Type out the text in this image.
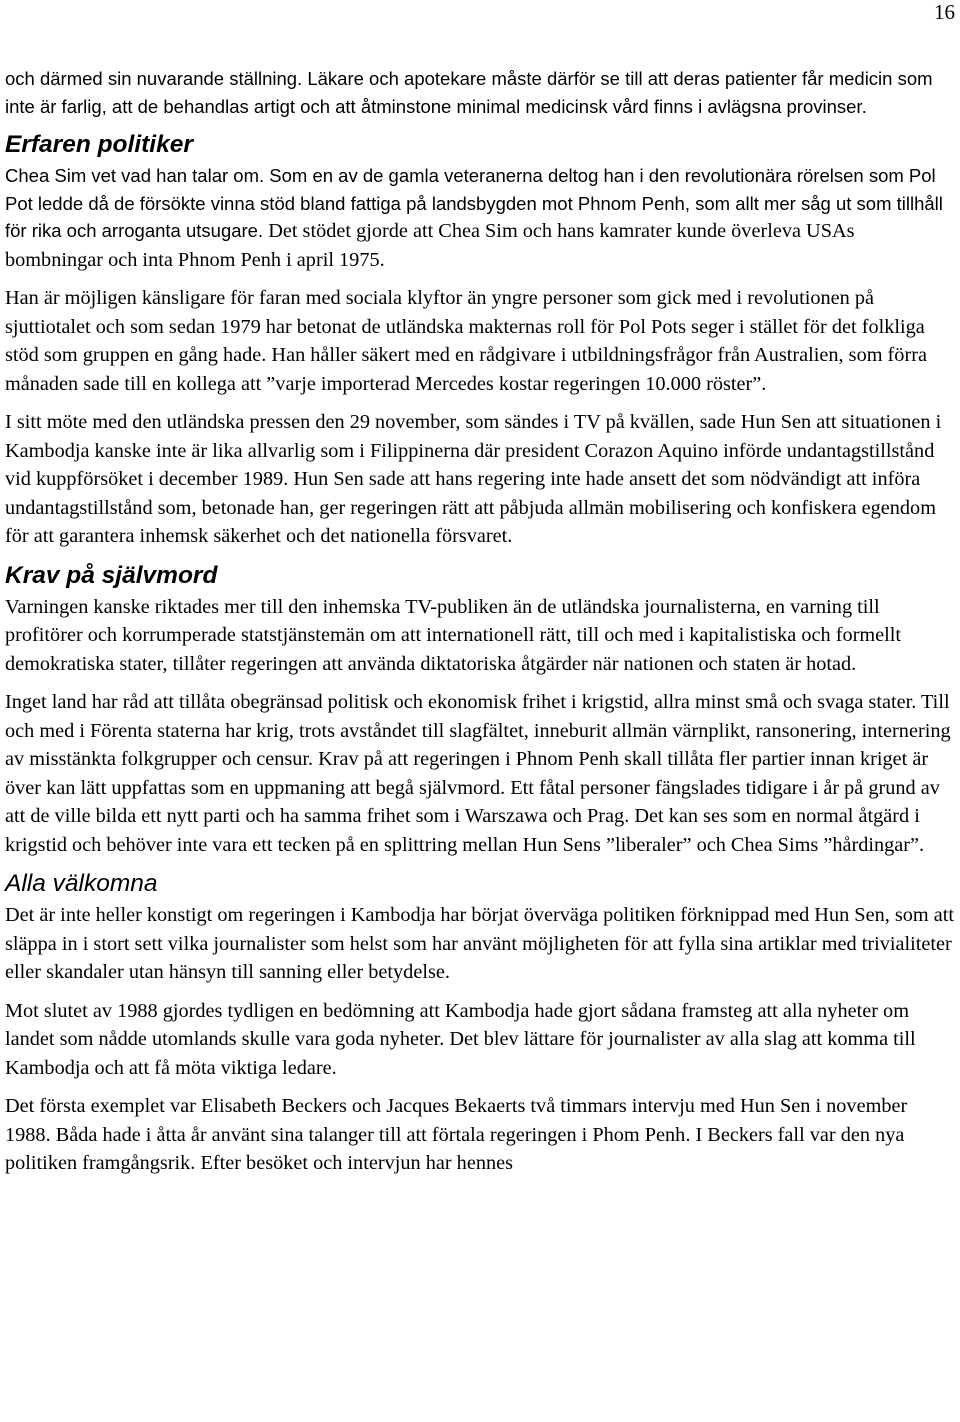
16

och därmed sin nuvarande ställning. Läkare och apotekare måste därför se till att deras patienter får medicin som inte är farlig, att de behandlas artigt och att åtminstone minimal medicinsk vård finns i avlägsna provinser.

Erfaren politiker

Chea Sim vet vad han talar om. Som en av de gamla veteranerna deltog han i den revolutionära rörelsen som Pol Pot ledde då de försökte vinna stöd bland fattiga på landsbygden mot Phnom Penh, som allt mer såg ut som tillhåll för rika och arroganta utsugare. Det stödet gjorde att Chea Sim och hans kamrater kunde överleva USAs bombningar och inta Phnom Penh i april 1975.

Han är möjligen känsligare för faran med sociala klyftor än yngre personer som gick med i revolutionen på sjuttiotalet och som sedan 1979 har betonat de utländska makternas roll för Pol Pots seger i stället för det folkliga stöd som gruppen en gång hade. Han håller säkert med en rådgivare i utbildningsfrågor från Australien, som förra månaden sade till en kollega att ”varje importerad Mercedes kostar regeringen 10.000 röster”.

I sitt möte med den utländska pressen den 29 november, som sändes i TV på kvällen, sade Hun Sen att situationen i Kambodja kanske inte är lika allvarlig som i Filippinerna där president Corazon Aquino införde undantagstillstånd vid kuppförsöket i december 1989. Hun Sen sade att hans regering inte hade ansett det som nödvändigt att införa undantagstillstånd som, betonade han, ger regeringen rätt att påbjuda allmän mobilisering och konfiskera egendom för att garantera inhemsk säkerhet och det nationella försvaret.

Krav på självmord

Varningen kanske riktades mer till den inhemska TV-publiken än de utländska journalisterna, en varning till profitörer och korrumperade statstjänstemän om att internationell rätt, till och med i kapitalistiska och formellt demokratiska stater, tillåter regeringen att använda diktatoriska åtgärder när nationen och staten är hotad.

Inget land har råd att tillåta obegränsad politisk och ekonomisk frihet i krigstid, allra minst små och svaga stater. Till och med i Förenta staterna har krig, trots avståndet till slagfältet, inneburit allmän värnplikt, ransonering, internering av misstänkta folkgrupper och censur. Krav på att regeringen i Phnom Penh skall tillåta fler partier innan kriget är över kan lätt uppfattas som en uppmaning att begå självmord. Ett fåtal personer fängslades tidigare i år på grund av att de ville bilda ett nytt parti och ha samma frihet som i Warszawa och Prag. Det kan ses som en normal åtgärd i krigstid och behöver inte vara ett tecken på en splittring mellan Hun Sens ”liberaler” och Chea Sims ”hårdingar”.

Alla välkomna

Det är inte heller konstigt om regeringen i Kambodja har börjat överväga politiken förknippad med Hun Sen, som att släppa in i stort sett vilka journalister som helst som har använt möjligheten för att fylla sina artiklar med trivialiteter eller skandaler utan hänsyn till sanning eller betydelse.

Mot slutet av 1988 gjordes tydligen en bedömning att Kambodja hade gjort sådana framsteg att alla nyheter om landet som nådde utomlands skulle vara goda nyheter. Det blev lättare för journalister av alla slag att komma till Kambodja och att få möta viktiga ledare.

Det första exemplet var Elisabeth Beckers och Jacques Bekaerts två timmars intervju med Hun Sen i november 1988. Båda hade i åtta år använt sina talanger till att förtala regeringen i Phom Penh. I Beckers fall var den nya politiken framgångsrik. Efter besöket och intervjun har hennes
